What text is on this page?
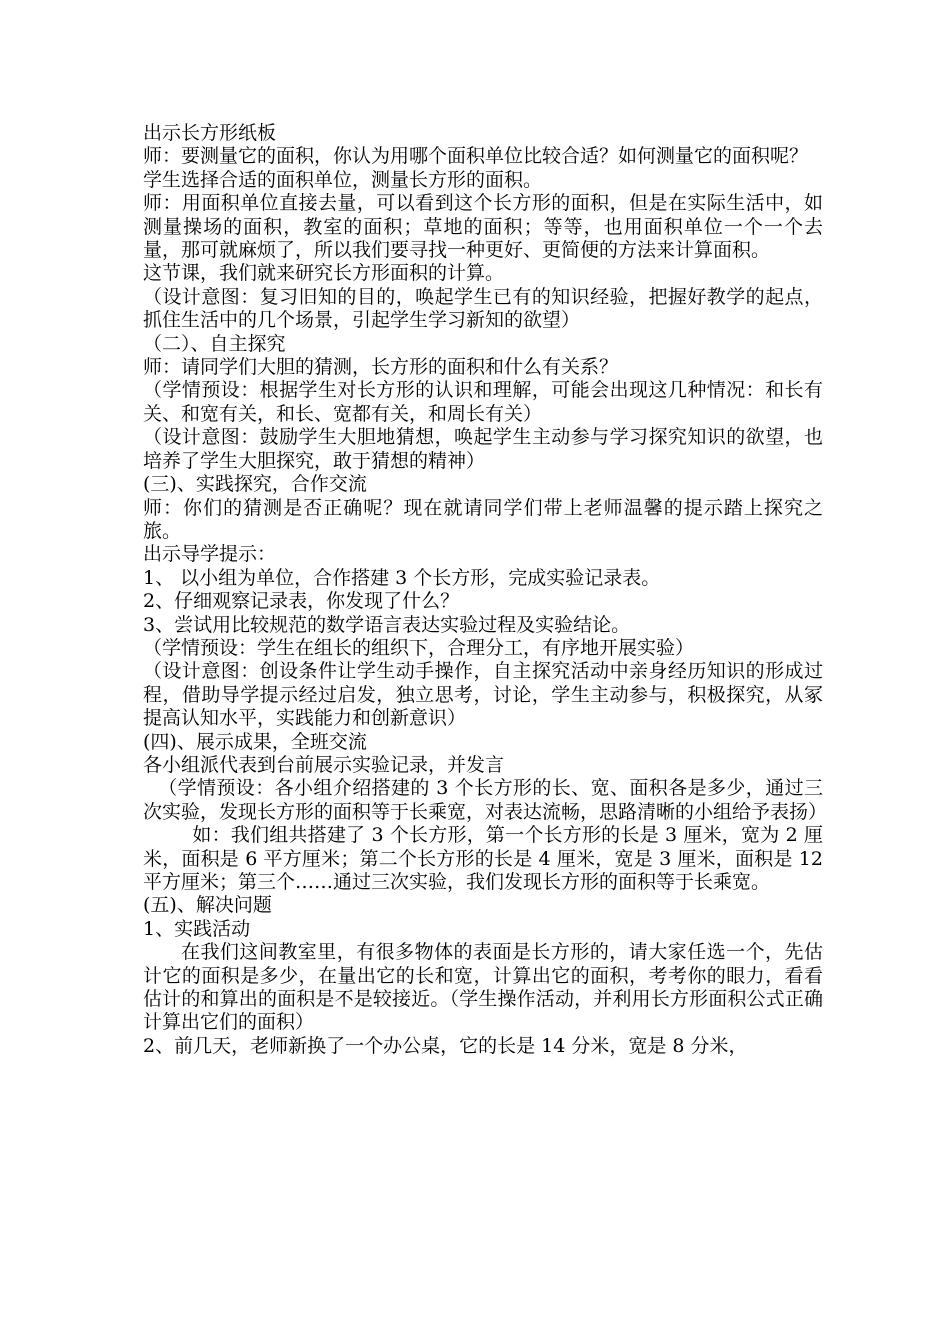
出示长方形纸板

师：要测量它的面积，你认为用哪个面积单位比较合适？如何测量它的面积呢？

学生选择合适的面积单位，测量长方形的面积。

师：用面积单位直接去量，可以看到这个长方形的面积，但是在实际生活中，如测量操场的面积，教室的面积；草地的面积；等等，也用面积单位一个一个去量，那可就麻烦了，所以我们要寻找一种更好、更简便的方法来计算面积。

这节课，我们就来研究长方形面积的计算。

（设计意图：复习旧知的目的，唤起学生已有的知识经验，把握好教学的起点，抓住生活中的几个场景，引起学生学习新知的欲望）

（二）、自主探究

师：请同学们大胆的猜测，长方形的面积和什么有关系？

（学情预设：根据学生对长方形的认识和理解，可能会出现这几种情况：和长有关、和宽有关，和长、宽都有关，和周长有关）

（设计意图：鼓励学生大胆地猜想，唤起学生主动参与学习探究知识的欲望，也培养了学生大胆探究，敢于猜想的精神）

(三)、实践探究，合作交流

师：你们的猜测是否正确呢？现在就请同学们带上老师温馨的提示踏上探究之旅。

出示导学提示：

1、 以小组为单位，合作搭建 3 个长方形，完成实验记录表。

2、仔细观察记录表，你发现了什么？

3、尝试用比较规范的数学语言表达实验过程及实验结论。

（学情预设：学生在组长的组织下，合理分工，有序地开展实验）

（设计意图：创设条件让学生动手操作，自主探究活动中亲身经历知识的形成过程，借助导学提示经过启发，独立思考，讨论，学生主动参与，积极探究，从冢提高认知水平，实践能力和创新意识）

(四)、展示成果，全班交流

各小组派代表到台前展示实验记录，并发言

（学情预设：各小组介绍搭建的 3 个长方形的长、宽、面积各是多少，通过三次实验，发现长方形的面积等于长乘宽，对表达流畅，思路清晰的小组给予表扬）

如：我们组共搭建了 3 个长方形，第一个长方形的长是 3 厘米，宽为 2 厘米，面积是 6 平方厘米；第二个长方形的长是 4 厘米，宽是 3 厘米，面积是 12 平方厘米；第三个……通过三次实验，我们发现长方形的面积等于长乘宽。

(五)、解决问题

1、实践活动

在我们这间教室里，有很多物体的表面是长方形的，请大家任选一个，先估计它的面积是多少，在量出它的长和宽，计算出它的面积，考考你的眼力，看看估计的和算出的面积是不是较接近。（学生操作活动，并利用长方形面积公式正确计算出它们的面积）

2、前几天，老师新换了一个办公桌，它的长是 14 分米，宽是 8 分米，
